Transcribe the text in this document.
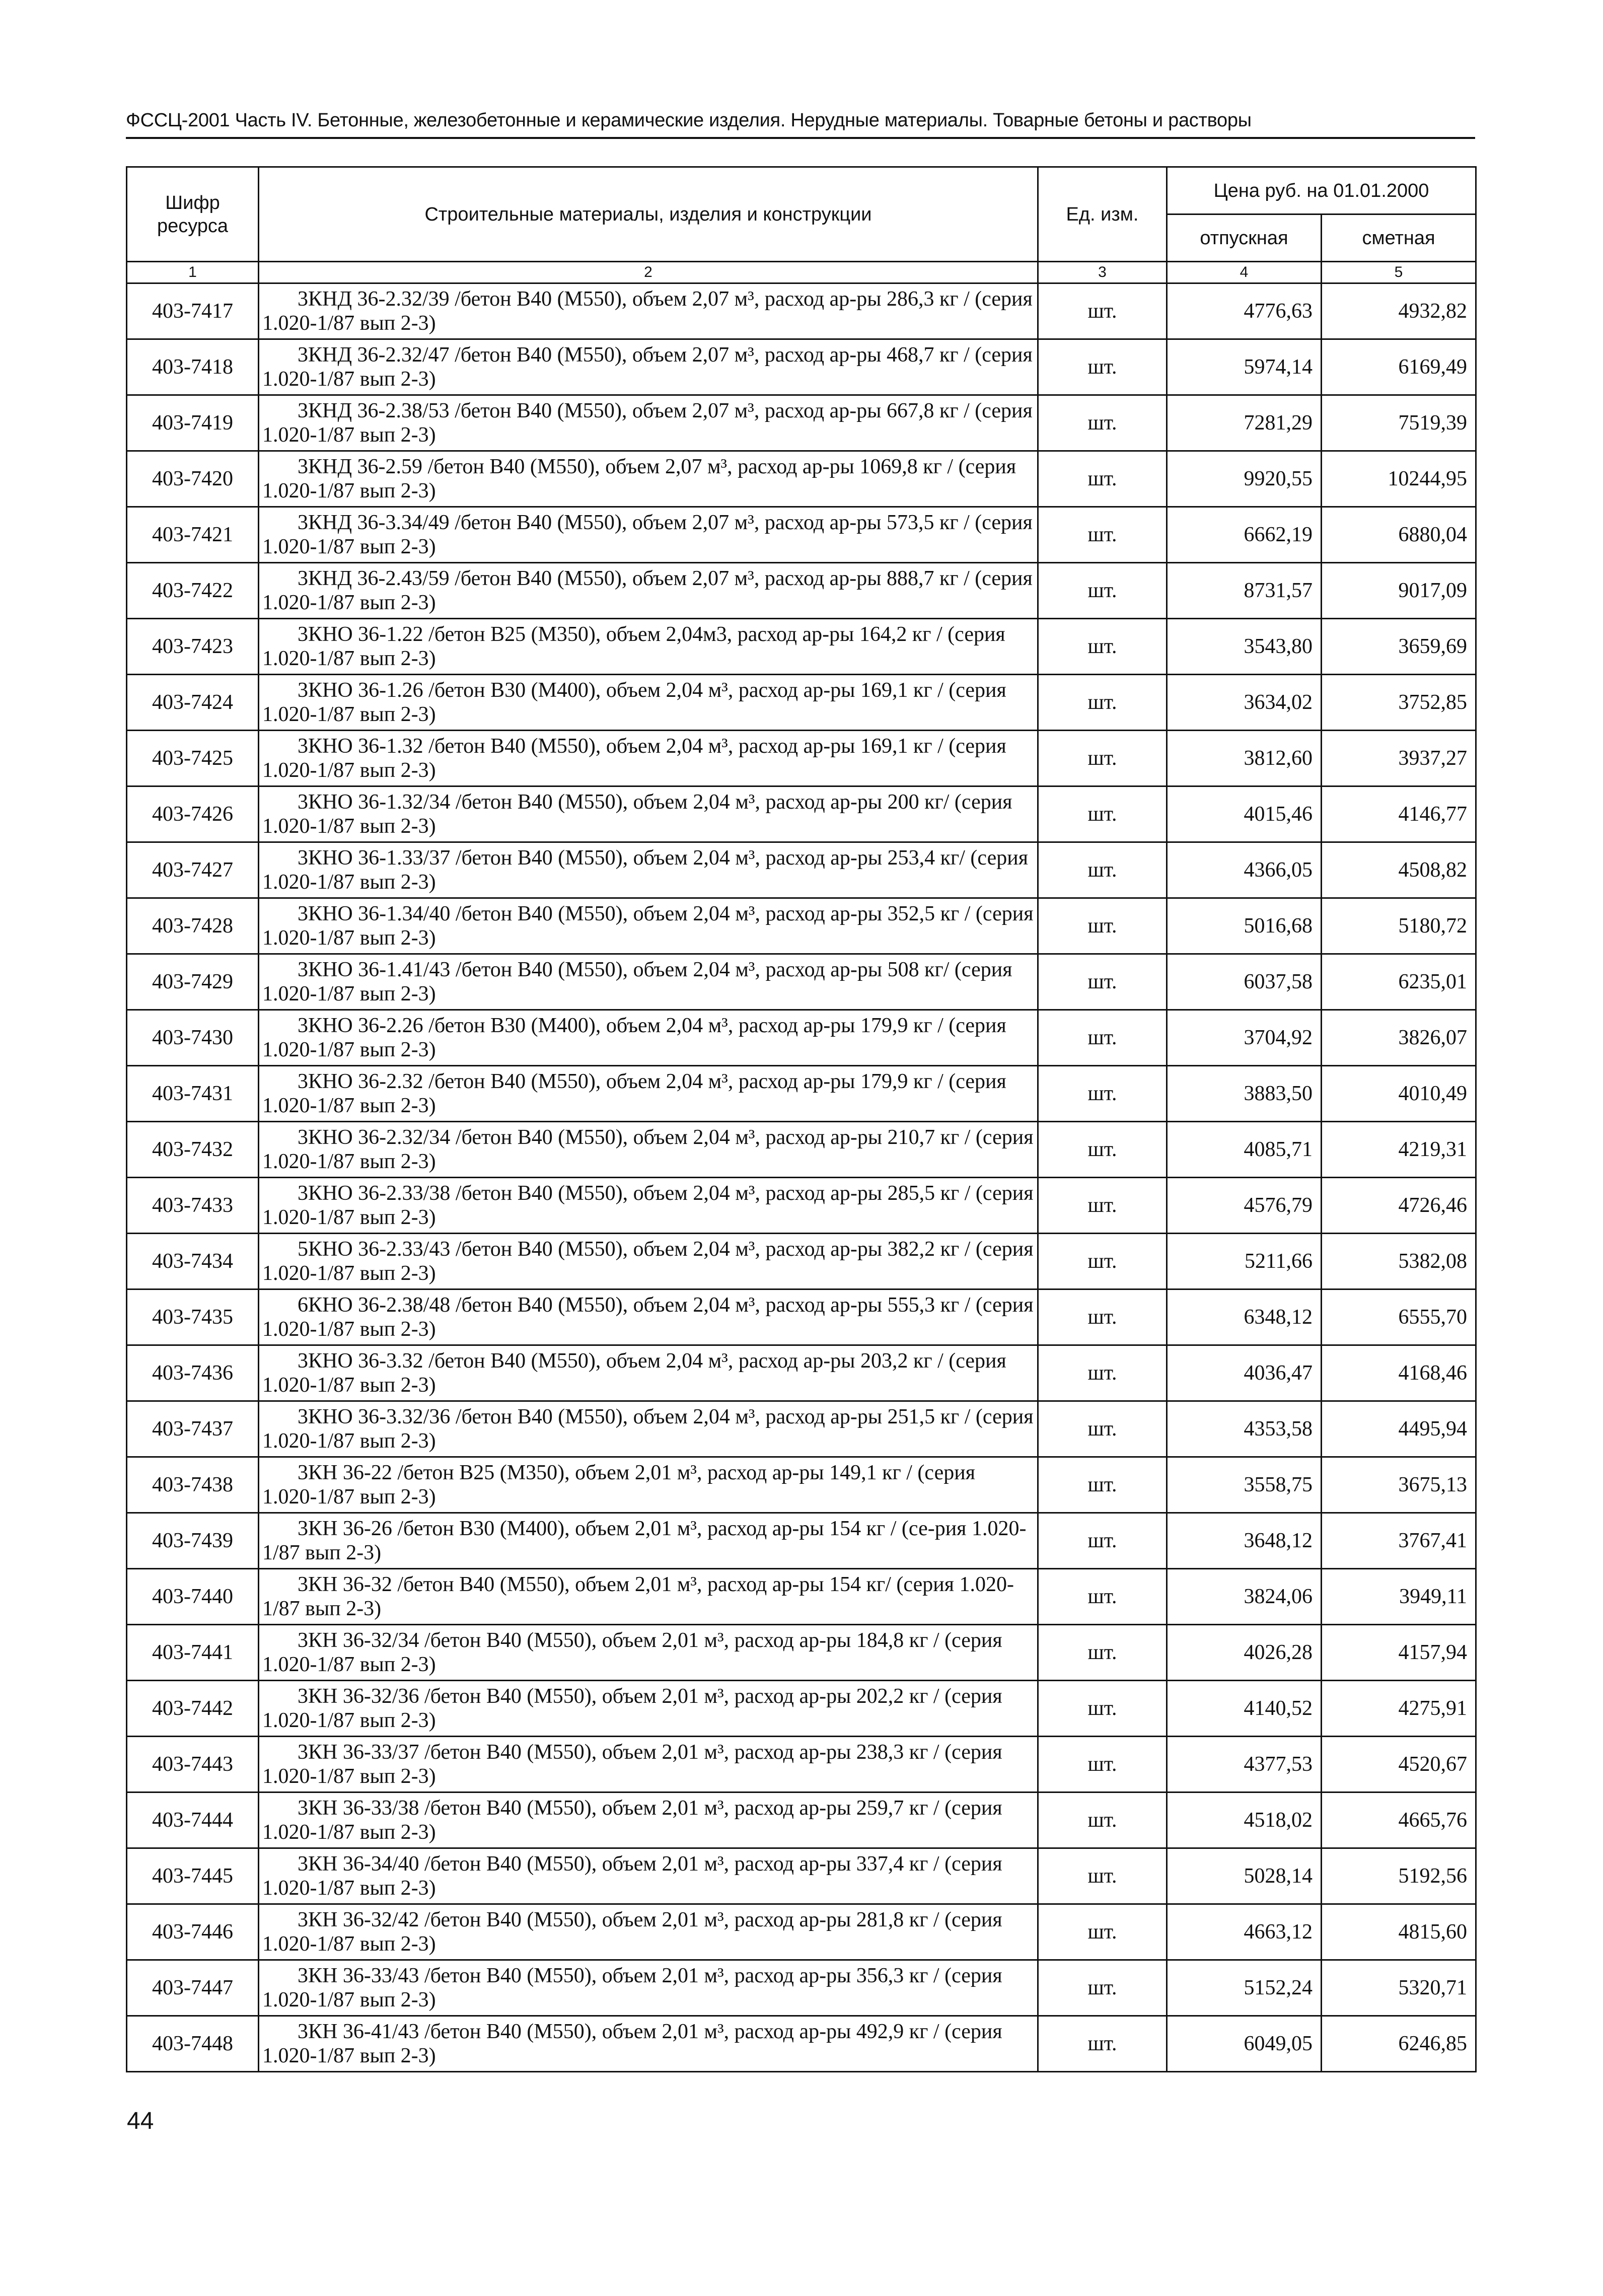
ФССЦ-2001 Часть IV. Бетонные, железобетонные и керамические изделия. Нерудные материалы. Товарные бетоны и растворы
Шифр ресурса	Строительные материалы, изделия и конструкции	Ед. изм.	Цена руб. на 01.01.2000	
			отпускная	сметная
1	2	3	4	5
403-7417	3КНД 36-2.32/39 /бетон В40 (М550), объем 2,07 м³, расход ар-ры 286,3 кг / (серия 1.020-1/87 вып 2-3)	шт.	4776,63	4932,82
403-7418	3КНД 36-2.32/47 /бетон В40 (М550), объем 2,07 м³, расход ар-ры 468,7 кг / (серия 1.020-1/87 вып 2-3)	шт.	5974,14	6169,49
403-7419	3КНД 36-2.38/53 /бетон В40 (М550), объем 2,07 м³, расход ар-ры 667,8 кг / (серия 1.020-1/87 вып 2-3)	шт.	7281,29	7519,39
403-7420	3КНД 36-2.59 /бетон В40 (М550), объем 2,07 м³, расход ар-ры 1069,8 кг / (серия 1.020-1/87 вып 2-3)	шт.	9920,55	10244,95
403-7421	3КНД 36-3.34/49 /бетон В40 (М550), объем 2,07 м³, расход ар-ры 573,5 кг / (серия 1.020-1/87 вып 2-3)	шт.	6662,19	6880,04
403-7422	3КНД 36-2.43/59 /бетон В40 (М550), объем 2,07 м³, расход ар-ры 888,7 кг / (серия 1.020-1/87 вып 2-3)	шт.	8731,57	9017,09
403-7423	3КНО 36-1.22 /бетон В25 (М350), объем 2,04м3, расход ар-ры 164,2 кг / (серия 1.020-1/87 вып 2-3)	шт.	3543,80	3659,69
403-7424	3КНО 36-1.26 /бетон В30 (М400), объем 2,04 м³, расход ар-ры 169,1 кг / (серия 1.020-1/87 вып 2-3)	шт.	3634,02	3752,85
403-7425	3КНО 36-1.32 /бетон В40 (М550), объем 2,04 м³, расход ар-ры 169,1 кг / (серия 1.020-1/87 вып 2-3)	шт.	3812,60	3937,27
403-7426	3КНО 36-1.32/34 /бетон В40 (М550), объем 2,04 м³, расход ар-ры 200 кг/ (серия 1.020-1/87 вып 2-3)	шт.	4015,46	4146,77
403-7427	3КНО 36-1.33/37 /бетон В40 (М550), объем 2,04 м³, расход ар-ры 253,4 кг/ (серия 1.020-1/87 вып 2-3)	шт.	4366,05	4508,82
403-7428	3КНО 36-1.34/40 /бетон В40 (М550), объем 2,04 м³, расход ар-ры 352,5 кг / (серия 1.020-1/87 вып 2-3)	шт.	5016,68	5180,72
403-7429	3КНО 36-1.41/43 /бетон В40 (М550), объем 2,04 м³, расход ар-ры 508 кг/ (серия 1.020-1/87 вып 2-3)	шт.	6037,58	6235,01
403-7430	3КНО 36-2.26 /бетон В30 (М400), объем 2,04 м³, расход ар-ры 179,9 кг / (серия 1.020-1/87 вып 2-3)	шт.	3704,92	3826,07
403-7431	3КНО 36-2.32 /бетон В40 (М550), объем 2,04 м³, расход ар-ры 179,9 кг / (серия 1.020-1/87 вып 2-3)	шт.	3883,50	4010,49
403-7432	3КНО 36-2.32/34 /бетон В40 (М550), объем 2,04 м³, расход ар-ры 210,7 кг / (серия 1.020-1/87 вып 2-3)	шт.	4085,71	4219,31
403-7433	3КНО 36-2.33/38 /бетон В40 (М550), объем 2,04 м³, расход ар-ры 285,5 кг / (серия 1.020-1/87 вып 2-3)	шт.	4576,79	4726,46
403-7434	5КНО 36-2.33/43 /бетон В40 (М550), объем 2,04 м³, расход ар-ры 382,2 кг / (серия 1.020-1/87 вып 2-3)	шт.	5211,66	5382,08
403-7435	6КНО 36-2.38/48 /бетон В40 (М550), объем 2,04 м³, расход ар-ры 555,3 кг / (серия 1.020-1/87 вып 2-3)	шт.	6348,12	6555,70
403-7436	3КНО 36-3.32 /бетон В40 (М550), объем 2,04 м³, расход ар-ры 203,2 кг / (серия 1.020-1/87 вып 2-3)	шт.	4036,47	4168,46
403-7437	3КНО 36-3.32/36 /бетон В40 (М550), объем 2,04 м³, расход ар-ры 251,5 кг / (серия 1.020-1/87 вып 2-3)	шт.	4353,58	4495,94
403-7438	3КН 36-22 /бетон В25 (М350), объем 2,01 м³, расход ар-ры 149,1 кг / (серия 1.020-1/87 вып 2-3)	шт.	3558,75	3675,13
403-7439	3КН 36-26 /бетон В30 (М400), объем 2,01 м³, расход ар-ры 154 кг / (се-рия 1.020-1/87 вып 2-3)	шт.	3648,12	3767,41
403-7440	3КН 36-32 /бетон В40 (М550), объем 2,01 м³, расход ар-ры 154 кг/ (серия 1.020-1/87 вып 2-3)	шт.	3824,06	3949,11
403-7441	3КН 36-32/34 /бетон В40 (М550), объем 2,01 м³, расход ар-ры 184,8 кг / (серия 1.020-1/87 вып 2-3)	шт.	4026,28	4157,94
403-7442	3КН 36-32/36 /бетон В40 (М550), объем 2,01 м³, расход ар-ры 202,2 кг / (серия 1.020-1/87 вып 2-3)	шт.	4140,52	4275,91
403-7443	3КН 36-33/37 /бетон В40 (М550), объем 2,01 м³, расход ар-ры 238,3 кг / (серия 1.020-1/87 вып 2-3)	шт.	4377,53	4520,67
403-7444	3КН 36-33/38 /бетон В40 (М550), объем 2,01 м³, расход ар-ры 259,7 кг / (серия 1.020-1/87 вып 2-3)	шт.	4518,02	4665,76
403-7445	3КН 36-34/40 /бетон В40 (М550), объем 2,01 м³, расход ар-ры 337,4 кг / (серия 1.020-1/87 вып 2-3)	шт.	5028,14	5192,56
403-7446	3КН 36-32/42 /бетон В40 (М550), объем 2,01 м³, расход ар-ры 281,8 кг / (серия 1.020-1/87 вып 2-3)	шт.	4663,12	4815,60
403-7447	3КН 36-33/43 /бетон В40 (М550), объем 2,01 м³, расход ар-ры 356,3 кг / (серия 1.020-1/87 вып 2-3)	шт.	5152,24	5320,71
403-7448	3КН 36-41/43 /бетон В40 (М550), объем 2,01 м³, расход ар-ры 492,9 кг / (серия 1.020-1/87 вып 2-3)	шт.	6049,05	6246,85
44
